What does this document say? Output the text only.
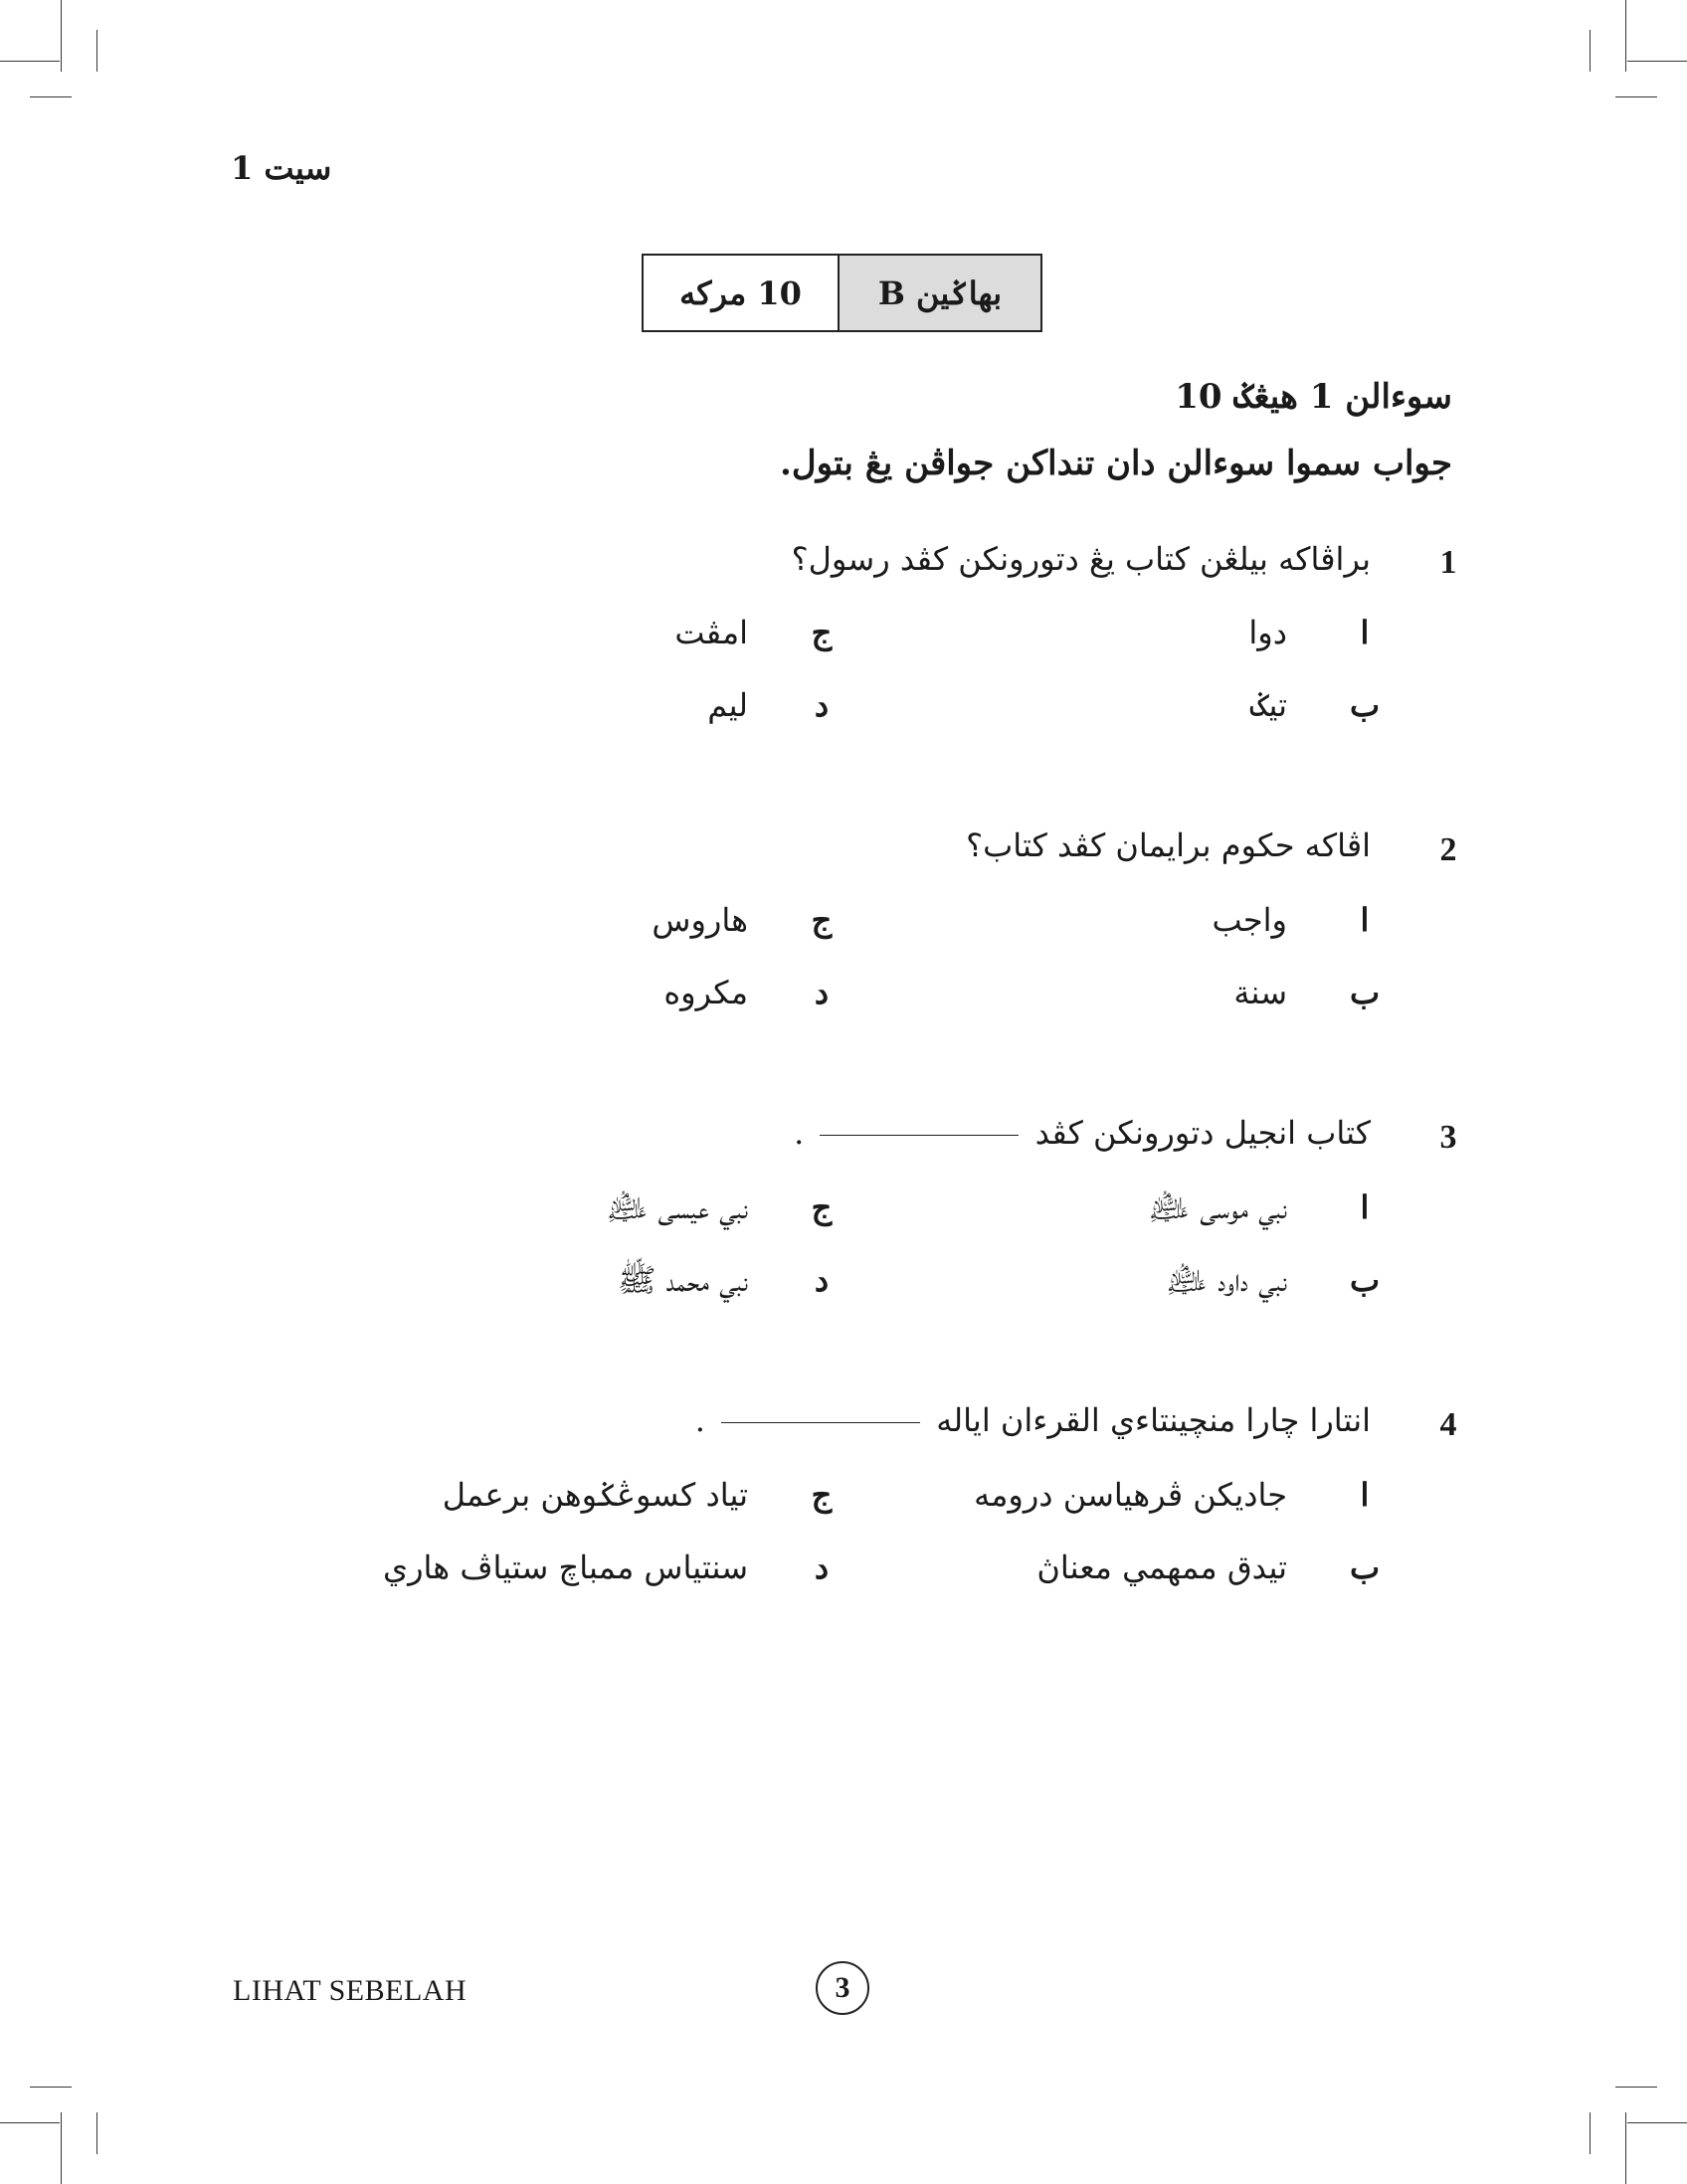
سيت 1
10 مركه	بهاݢين B
سوءالن 1 هيڠݢ 10
جواب سموا سوءالن دان تنداكن جواڤن يڠ بتول.
1
براڤاكه بيلڠن كتاب يڠ دتورونكن كڤد رسول؟
ا
دوا
ج
امڤت
ب
تيݢ
د
ليم
2
اڤاكه حكوم برايمان كڤد كتاب؟
ا
واجب
ج
هاروس
ب
سنة
د
مكروه
3
كتاب انجيل دتورونكن كڤد  .
ا
نبي موسى ﵇
ج
نبي عيسى ﵇
ب
نبي داود ﵇
د
نبي محمد ﷺ
4
انتارا چارا منچينتاءي القرءان اياله  .
ا
جاديكن ڤرهياسن درومه
ج
تياد كسوڠݢوهن برعمل
ب
تيدق ممهمي معناڽ
د
سنتياس ممباچ ستياڤ هاري
LIHAT SEBELAH	3
